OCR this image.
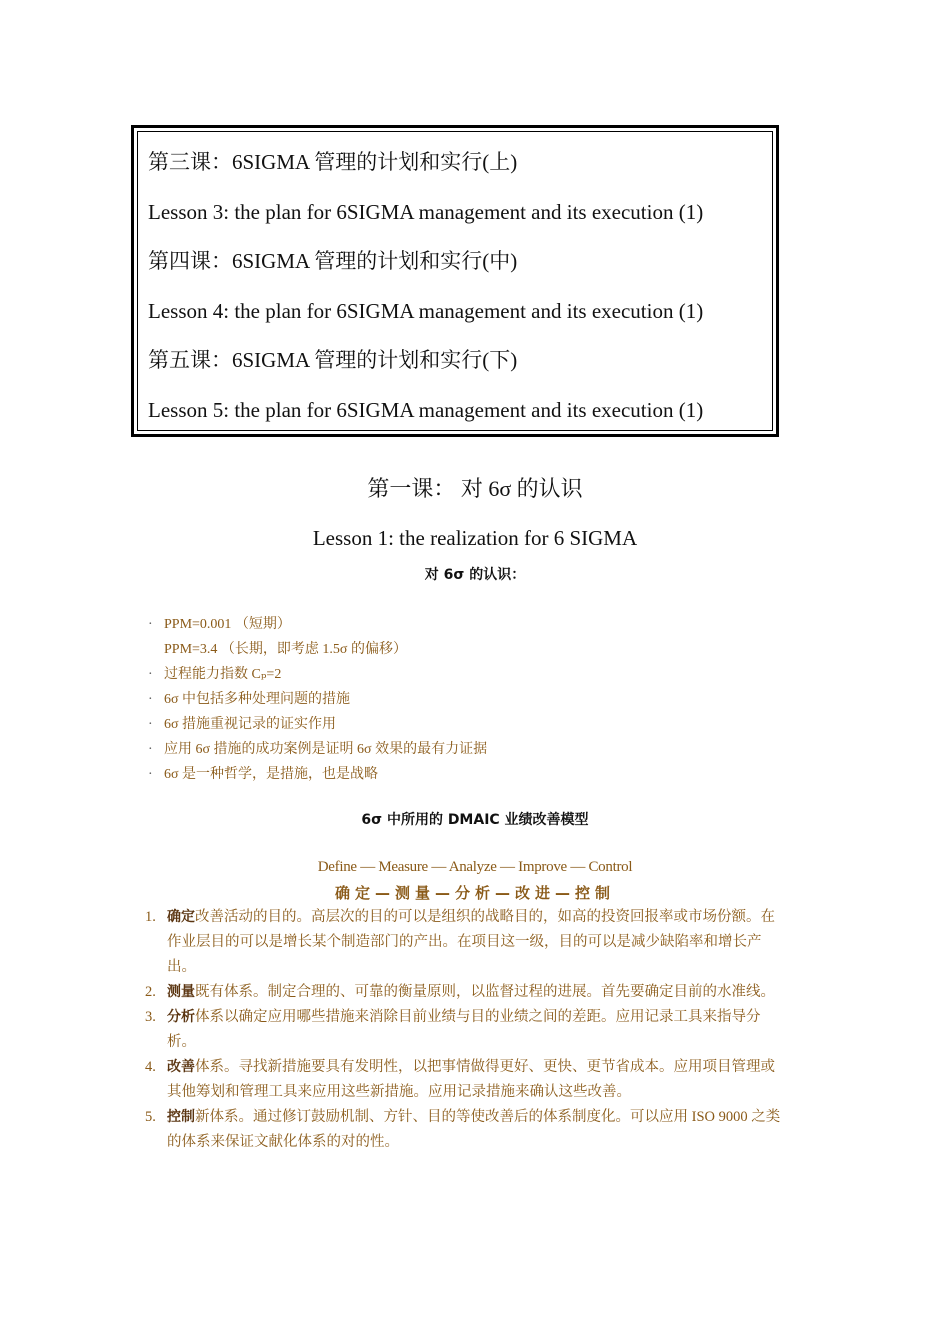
第三课：6SIGMA 管理的计划和实行(上)
Lesson 3: the plan for 6SIGMA management and its execution (1)
第四课：6SIGMA 管理的计划和实行(中)
Lesson 4: the plan for 6SIGMA management and its execution (1)
第五课：6SIGMA 管理的计划和实行(下)
Lesson 5: the plan for 6SIGMA management and its execution (1)
第一课： 对 6σ 的认识
Lesson 1: the realization for 6 SIGMA
对 6σ 的认识：
· PPM=0.001 （短期）
PPM=3.4 （长期，即考虑 1.5σ 的偏移）
· 过程能力指数 Cₚ=2
· 6σ 中包括多种处理问题的措施
· 6σ 措施重视记录的证实作用
· 应用 6σ 措施的成功案例是证明 6σ 效果的最有力证据
· 6σ 是一种哲学，是措施，也是战略
6σ 中所用的 DMAIC 业绩改善模型
Define — Measure — Analyze — Improve — Control
确定—测量—分析—改进—控制
1. 确定改善活动的目的。高层次的目的可以是组织的战略目的，如高的投资回报率或市场份额。在作业层目的可以是增长某个制造部门的产出。在项目这一级，目的可以是减少缺陷率和增长产出。
2. 测量既有体系。制定合理的、可靠的衡量原则，以监督过程的进展。首先要确定目前的水准线。
3. 分析体系以确定应用哪些措施来消除目前业绩与目的业绩之间的差距。应用记录工具来指导分析。
4. 改善体系。寻找新措施要具有发明性，以把事情做得更好、更快、更节省成本。应用项目管理或其他筹划和管理工具来应用这些新措施。应用记录措施来确认这些改善。
5. 控制新体系。通过修订鼓励机制、方针、目的等使改善后的体系制度化。可以应用 ISO 9000 之类的体系来保证文献化体系的对的性。
